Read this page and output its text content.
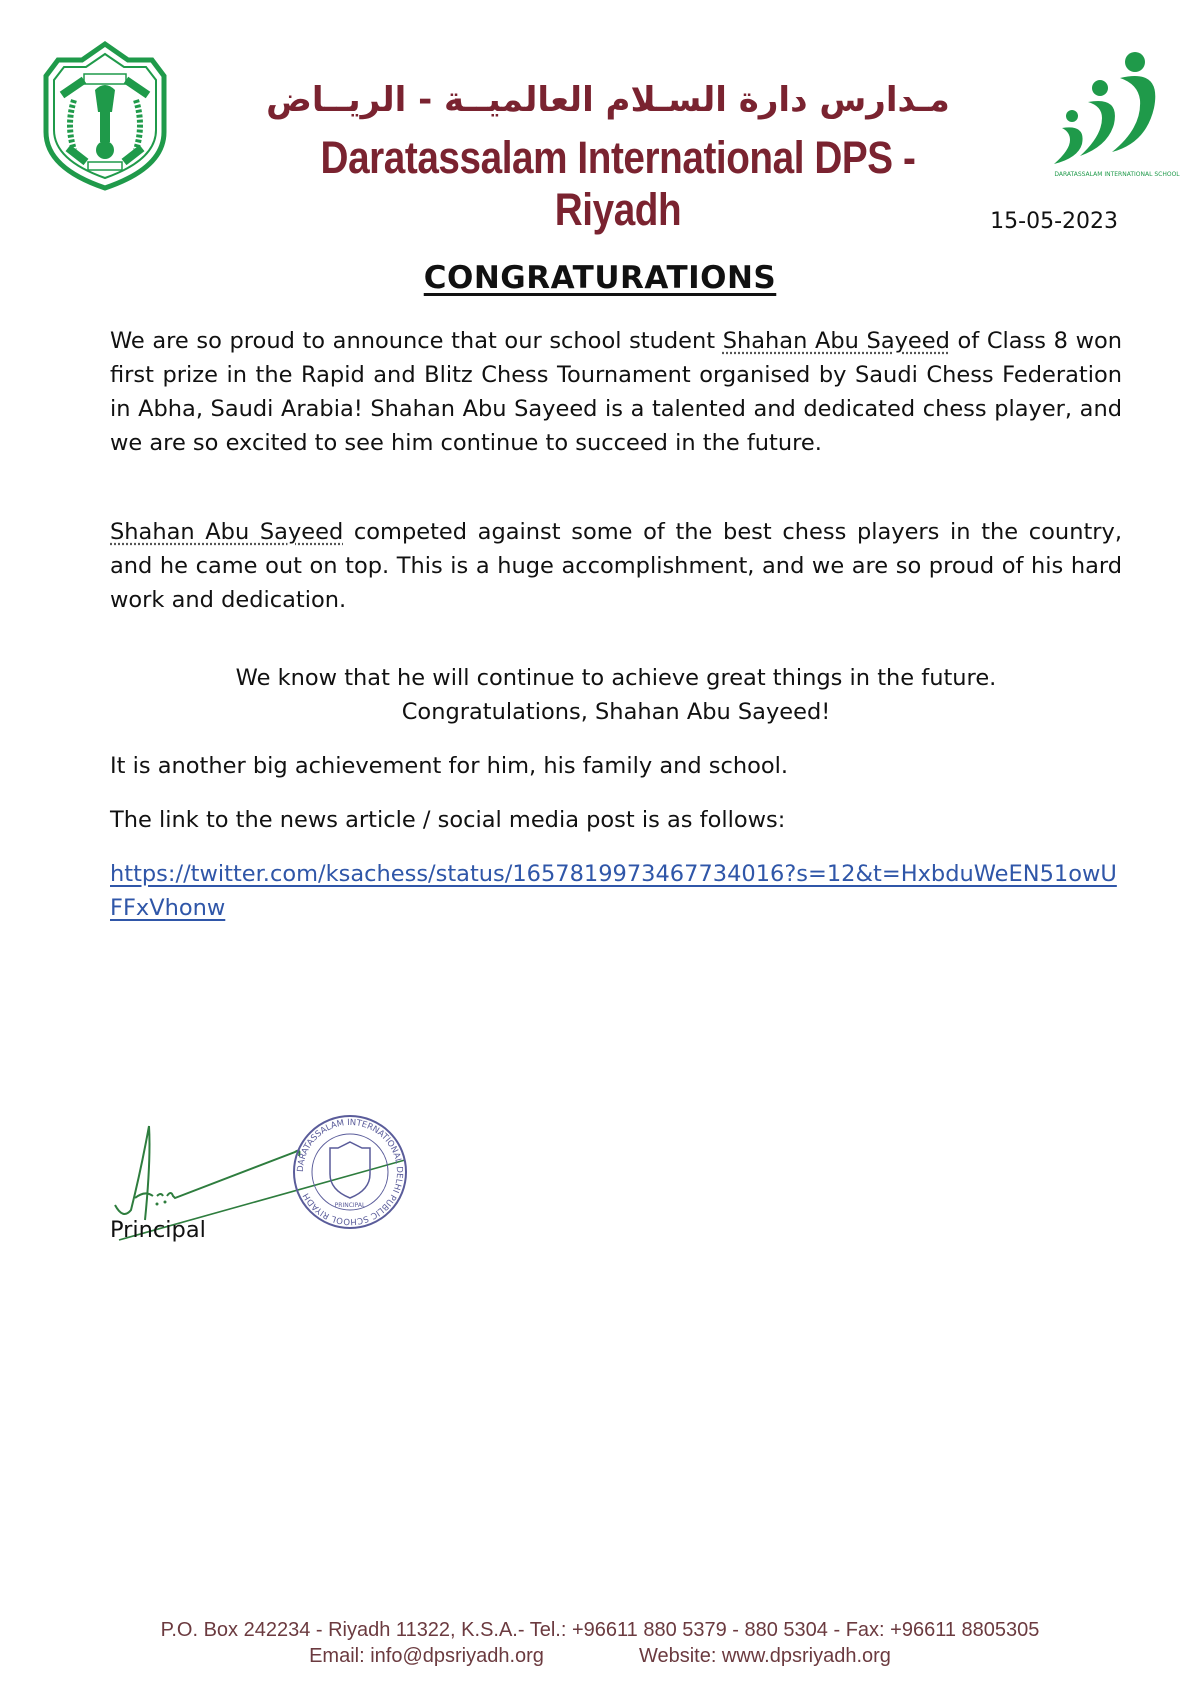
مـدارس دارة السـلام العالميــة - الريــاض
Daratassalam International DPS - Riyadh
DARATASSALAM INTERNATIONAL SCHOOL
15-05-2023
CONGRATURATIONS
We are so proud to announce that our school student Shahan Abu Sayeed of Class 8 won first prize in the Rapid and Blitz Chess Tournament organised by Saudi Chess Federation in Abha, Saudi Arabia! Shahan Abu Sayeed is a talented and dedicated chess player, and we are so excited to see him continue to succeed in the future.
Shahan Abu Sayeed competed against some of the best chess players in the country, and he came out on top. This is a huge accomplishment, and we are so proud of his hard work and dedication.
We know that he will continue to achieve great things in the future.
Congratulations, Shahan Abu Sayeed!
It is another big achievement for him, his family and school.
The link to the news article / social media post is as follows:
https://twitter.com/ksachess/status/1657819973467734016?s=12&t=HxbduWeEN51owUFFxVhonw
DARATASSALAM INTERNATIONAL DELHI PUBLIC SCHOOL RIYADH
PRINCIPAL
Principal
P.O. Box 242234 - Riyadh 11322, K.S.A.- Tel.: +96611 880 5379 - 880 5304 - Fax: +96611 8805305
Email: info@dpsriyadh.org	Website: www.dpsriyadh.org
